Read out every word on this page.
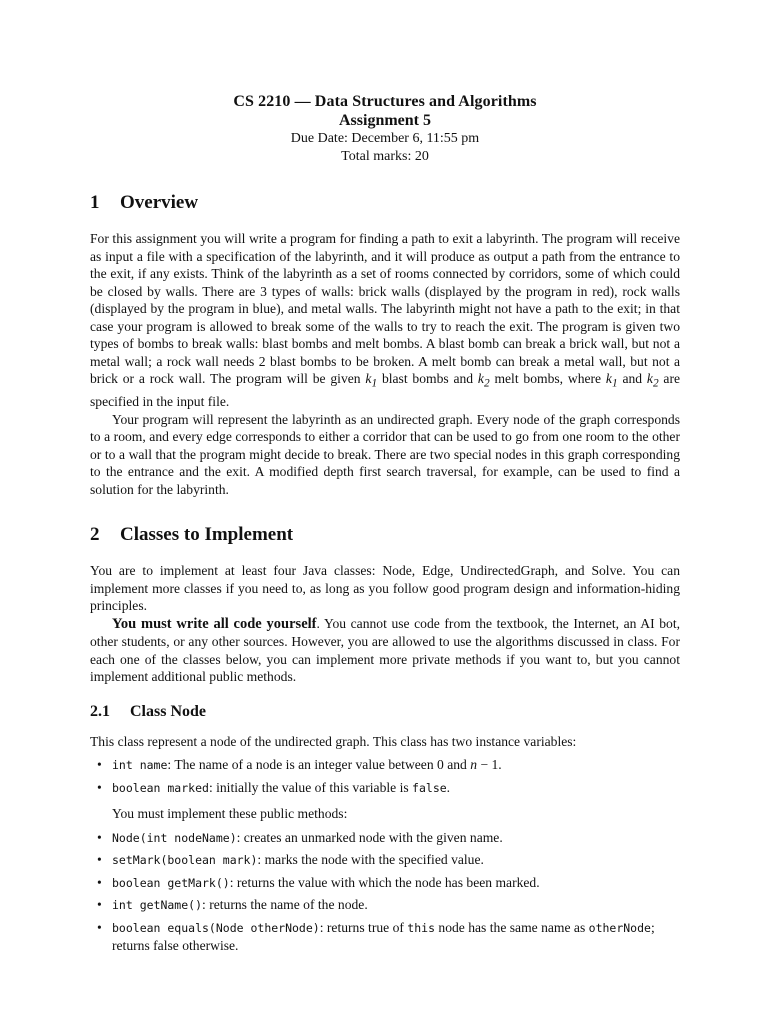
CS 2210 — Data Structures and Algorithms
Assignment 5
Due Date: December 6, 11:55 pm
Total marks: 20
1	Overview

For this assignment you will write a program for finding a path to exit a labyrinth. The program will receive as input a file with a specification of the labyrinth, and it will produce as output a path from the entrance to the exit, if any exists. Think of the labyrinth as a set of rooms connected by corridors, some of which could be closed by walls. There are 3 types of walls: brick walls (displayed by the program in red), rock walls (displayed by the program in blue), and metal walls. The labyrinth might not have a path to the exit; in that case your program is allowed to break some of the walls to try to reach the exit. The program is given two types of bombs to break walls: blast bombs and melt bombs. A blast bomb can break a brick wall, but not a metal wall; a rock wall needs 2 blast bombs to be broken. A melt bomb can break a metal wall, but not a brick or a rock wall. The program will be given $k_1$ blast bombs and $k_2$ melt bombs, where $k_1$ and $k_2$ are specified in the input file.

Your program will represent the labyrinth as an undirected graph. Every node of the graph corresponds to a room, and every edge corresponds to either a corridor that can be used to go from one room to the other or to a wall that the program might decide to break. There are two special nodes in this graph corresponding to the entrance and the exit. A modified depth first search traversal, for example, can be used to find a solution for the labyrinth.

2	Classes to Implement

You are to implement at least four Java classes: Node, Edge, UndirectedGraph, and Solve. You can implement more classes if you need to, as long as you follow good program design and information-hiding principles.

You must write all code yourself. You cannot use code from the textbook, the Internet, an AI bot, other students, or any other sources. However, you are allowed to use the algorithms discussed in class. For each one of the classes below, you can implement more private methods if you want to, but you cannot implement additional public methods.

2.1	Class Node

This class represent a node of the undirected graph. This class has two instance variables:

• int name: The name of a node is an integer value between 0 and n − 1.
• boolean marked: initially the value of this variable is false.

You must implement these public methods:

• Node(int nodeName): creates an unmarked node with the given name.
• setMark(boolean mark): marks the node with the specified value.
• boolean getMark(): returns the value with which the node has been marked.
• int getName(): returns the name of the node.
• boolean equals(Node otherNode): returns true of this node has the same name as otherNode; returns false otherwise.
